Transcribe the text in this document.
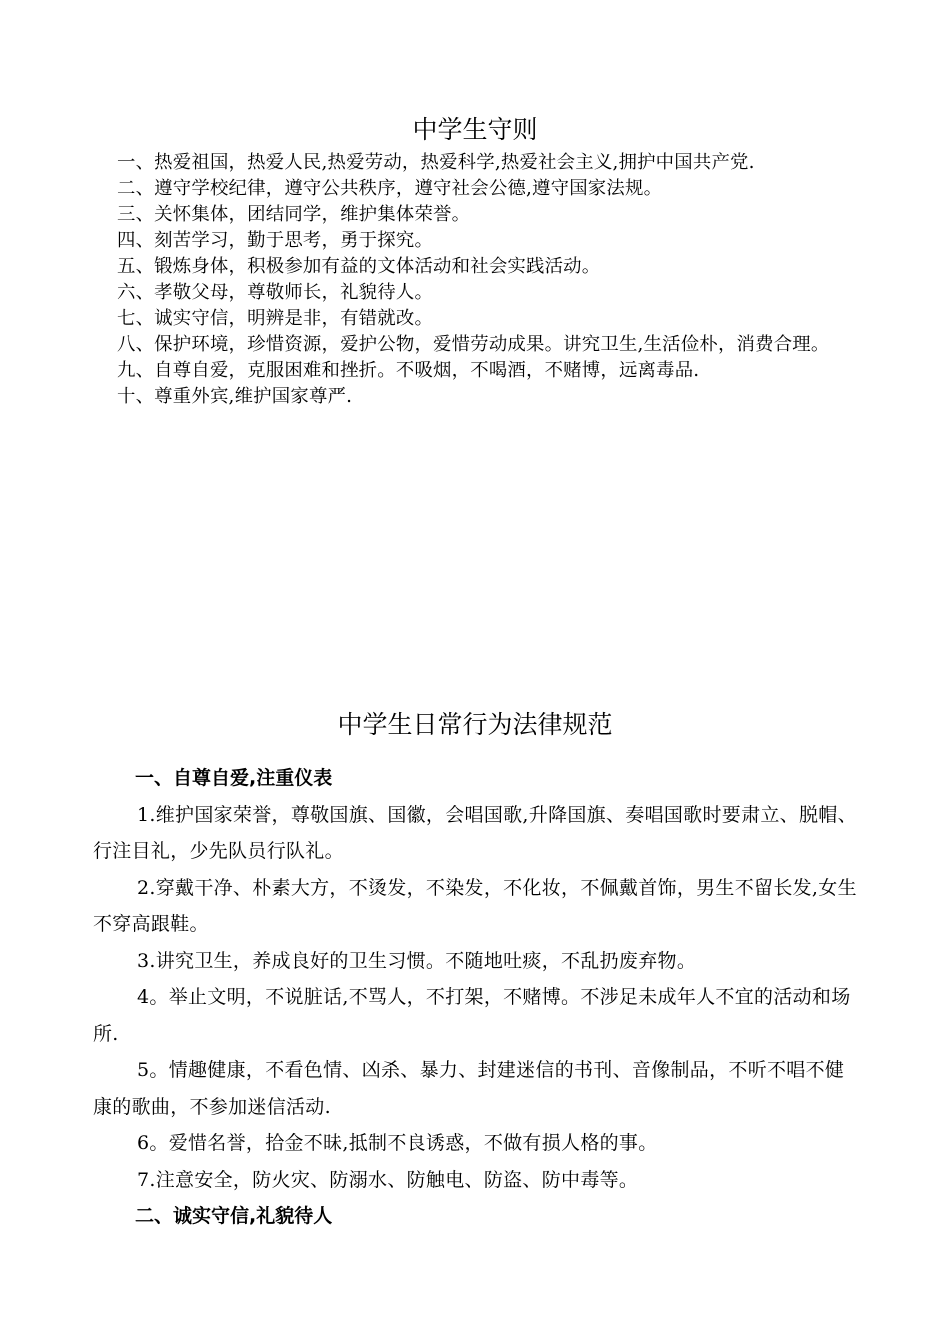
中学生守则

一、热爱祖国，热爱人民,热爱劳动，热爱科学,热爱社会主义,拥护中国共产党.

二、遵守学校纪律，遵守公共秩序，遵守社会公德,遵守国家法规。

三、关怀集体，团结同学，维护集体荣誉。

四、刻苦学习，勤于思考，勇于探究。

五、锻炼身体，积极参加有益的文体活动和社会实践活动。

六、孝敬父母，尊敬师长，礼貌待人。

七、诚实守信，明辨是非，有错就改。

八、保护环境，珍惜资源，爱护公物，爱惜劳动成果。讲究卫生,生活俭朴，消费合理。

九、自尊自爱，克服困难和挫折。不吸烟，不喝酒，不赌博，远离毒品.

十、尊重外宾,维护国家尊严.

中学生日常行为法律规范

一、自尊自爱,注重仪表

1.维护国家荣誉，尊敬国旗、国徽，会唱国歌,升降国旗、奏唱国歌时要肃立、脱帽、行注目礼，少先队员行队礼。

2.穿戴干净、朴素大方，不烫发，不染发，不化妆，不佩戴首饰，男生不留长发,女生不穿高跟鞋。

3.讲究卫生，养成良好的卫生习惯。不随地吐痰，不乱扔废弃物。

4。举止文明，不说脏话,不骂人，不打架，不赌博。不涉足未成年人不宜的活动和场所.

5。情趣健康，不看色情、凶杀、暴力、封建迷信的书刊、音像制品，不听不唱不健康的歌曲，不参加迷信活动.

6。爱惜名誉，拾金不昧,抵制不良诱惑，不做有损人格的事。

7.注意安全，防火灾、防溺水、防触电、防盗、防中毒等。

二、诚实守信,礼貌待人
